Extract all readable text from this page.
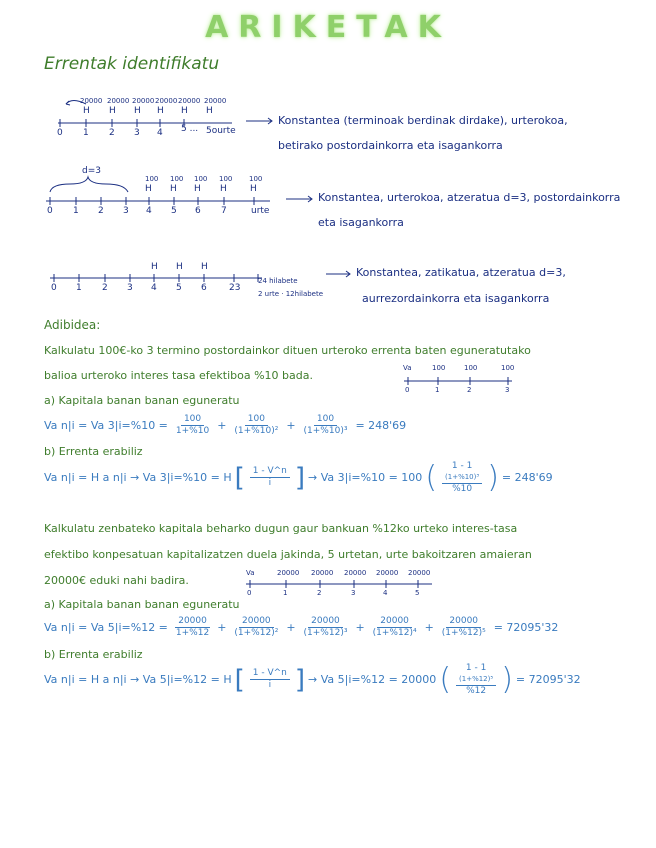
ARIKETAK
Errentak identifikatu
20000 20000 20000 20000 20000 20000
H H H H H H
0 1 2 3 4 5 ... 5ourte
Konstantea (terminoak berdinak dirdake), urterokoa,
betirako postordainkorra eta isagankorra
d=3
100 100 100 100 100
H H H H	H
0 1 2 3 4 5 6 7	urte
Konstantea, urterokoa, atzeratua d=3, postordainkorra
eta isagankorra
H H H
0 1 2 3 4 5 6 23
24 hilabete
2 urte · 12hilabete
Konstantea, zatikatua, atzeratua d=3,
aurrezordainkorra eta isagankorra
Adibidea:
Kalkulatu 100€-ko 3 termino postordainkor dituen urteroko errenta baten egunerat​utako
balioa urteroko interes tasa efektiboa %10 bada.
Va	100	100	100
0	1	2	3
a) Kapitala banan banan eguneratu
Va n|i = Va $3|i=\%10 = \frac{100}{1+\%10} + \frac{100}{\text{(1+\%10)²}} + \frac{100}{\text{(1+\%10)³}} = 248'69$
b) Errenta erabiliz
Va n|i = H a n|i → Va 3|i=%10 = H [ $\frac{1 - V\^{}n}{i}$ ] → Va 3|i=%10 = 100 ( 1 - 1
(1+%10)³
%10 ) = 248'69
Kalkulatu zenbateko kapitala beharko dugun gaur bankuan %12ko urteko interes-tasa
efektibo konpesatuan kapitalizatzen duela jakinda, 5 urtetan, urte bakoitzaren amaieran
20000€ eduki nahi badira.
Va	20000 20000 20000 20000 20000
0	1	2	3	4	5
a) Kapitala banan banan eguneratu
Va n|i = Va $5|i=\%12 = \frac{20000}{1+\%12} + \frac{20000}{\text{(1+\%12)²}} + \frac{20000}{\text{(1+\%12)³}} + \frac{20000}{\text{(1+\%12)⁴}} + \frac{20000}{\text{(1+\%12)⁵}} = 72095'32$
b) Errenta erabiliz
Va n|i = H a n|i → Va 5|i=%12 = H [ $\frac{1 - V\^{}n}{i}$ ] → Va 5|i=%12 = 20000 ( 1 - 1
(1+%12)⁵
%12 ) = 72095'32
